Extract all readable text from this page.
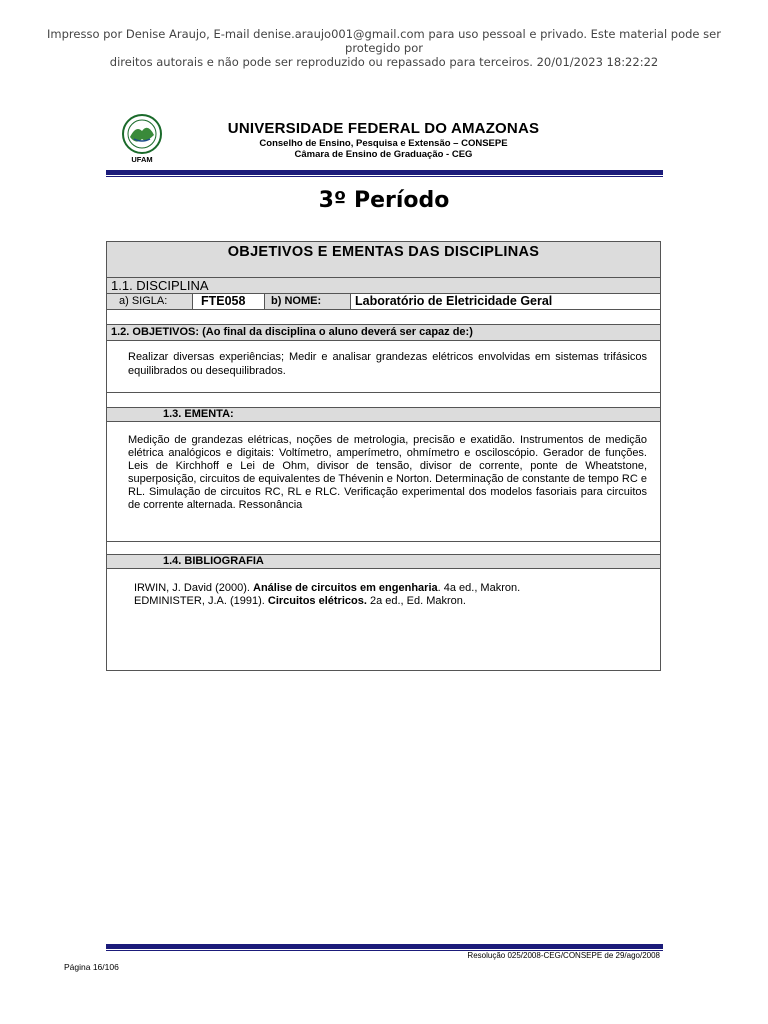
Impresso por Denise Araujo, E-mail denise.araujo001@gmail.com para uso pessoal e privado. Este material pode ser protegido por
direitos autorais e não pode ser reproduzido ou repassado para terceiros. 20/01/2023 18:22:22
UFAM
UNIVERSIDADE FEDERAL DO AMAZONAS
Conselho de Ensino, Pesquisa e Extensão – CONSEPE
Câmara de Ensino de Graduação - CEG
3º Período
OBJETIVOS E EMENTAS DAS DISCIPLINAS
1.1. DISCIPLINA
a) SIGLA:	FTE058	b) NOME:	Laboratório de Eletricidade Geral
1.2. OBJETIVOS: (Ao final da disciplina o aluno deverá ser capaz de:)
Realizar diversas experiências; Medir e analisar grandezas elétricos envolvidas em sistemas trifásicos equilibrados ou desequilibrados.
1.3. EMENTA:
Medição de grandezas elétricas, noções de metrologia, precisão e exatidão. Instrumentos de medição elétrica analógicos e digitais: Voltímetro, amperímetro, ohmímetro e osciloscópio. Gerador de funções. Leis de Kirchhoff e Lei de Ohm, divisor de tensão, divisor de corrente, ponte de Wheatstone, superposição, circuitos de equivalentes de Thévenin e Norton. Determinação de constante de tempo RC e RL. Simulação de circuitos RC, RL e RLC. Verificação experimental dos modelos fasoriais para circuitos de corrente alternada. Ressonância
1.4. BIBLIOGRAFIA
IRWIN, J. David (2000). Análise de circuitos em engenharia. 4a ed., Makron.
EDMINISTER, J.A. (1991). Circuitos elétricos. 2a ed., Ed. Makron.
Resolução 025/2008-CEG/CONSEPE de 29/ago/2008
Página 16/106
